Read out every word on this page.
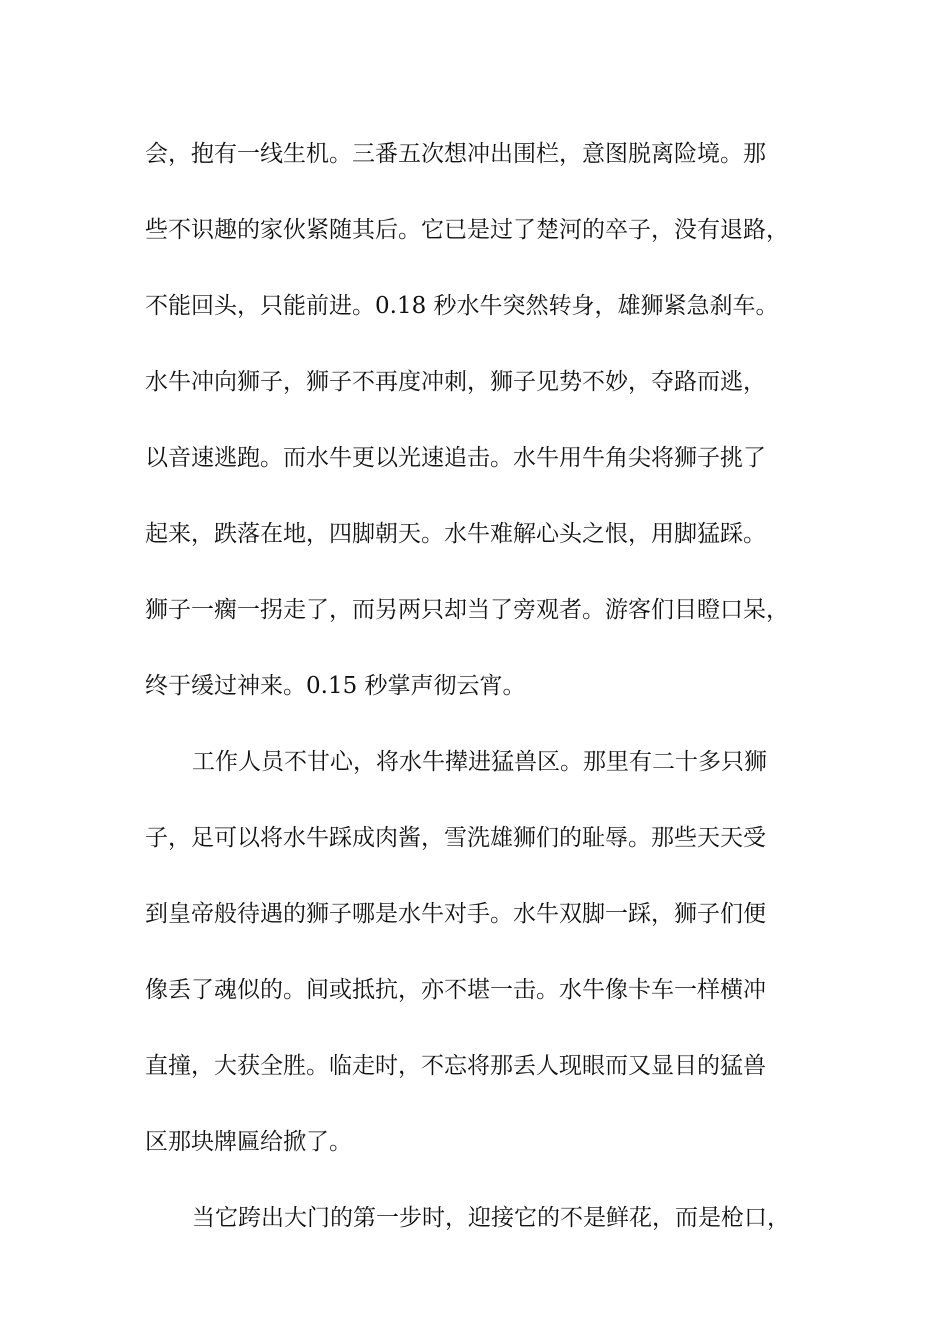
会，抱有一线生机。三番五次想冲出围栏，意图脱离险境。那

些不识趣的家伙紧随其后。它已是过了楚河的卒子，没有退路，

不能回头，只能前进。0.18 秒水牛突然转身，雄狮紧急刹车。

水牛冲向狮子，狮子不再度冲刺，狮子见势不妙，夺路而逃，

以音速逃跑。而水牛更以光速追击。水牛用牛角尖将狮子挑了

起来，跌落在地，四脚朝天。水牛难解心头之恨，用脚猛踩。

狮子一瘸一拐走了，而另两只却当了旁观者。游客们目瞪口呆，

终于缓过神来。0.15 秒掌声彻云宵。

工作人员不甘心，将水牛撵进猛兽区。那里有二十多只狮

子，足可以将水牛踩成肉酱，雪洗雄狮们的耻辱。那些天天受

到皇帝般待遇的狮子哪是水牛对手。水牛双脚一踩，狮子们便

像丢了魂似的。间或抵抗，亦不堪一击。水牛像卡车一样横冲

直撞，大获全胜。临走时，不忘将那丢人现眼而又显目的猛兽

区那块牌匾给掀了。

当它跨出大门的第一步时，迎接它的不是鲜花，而是枪口，
